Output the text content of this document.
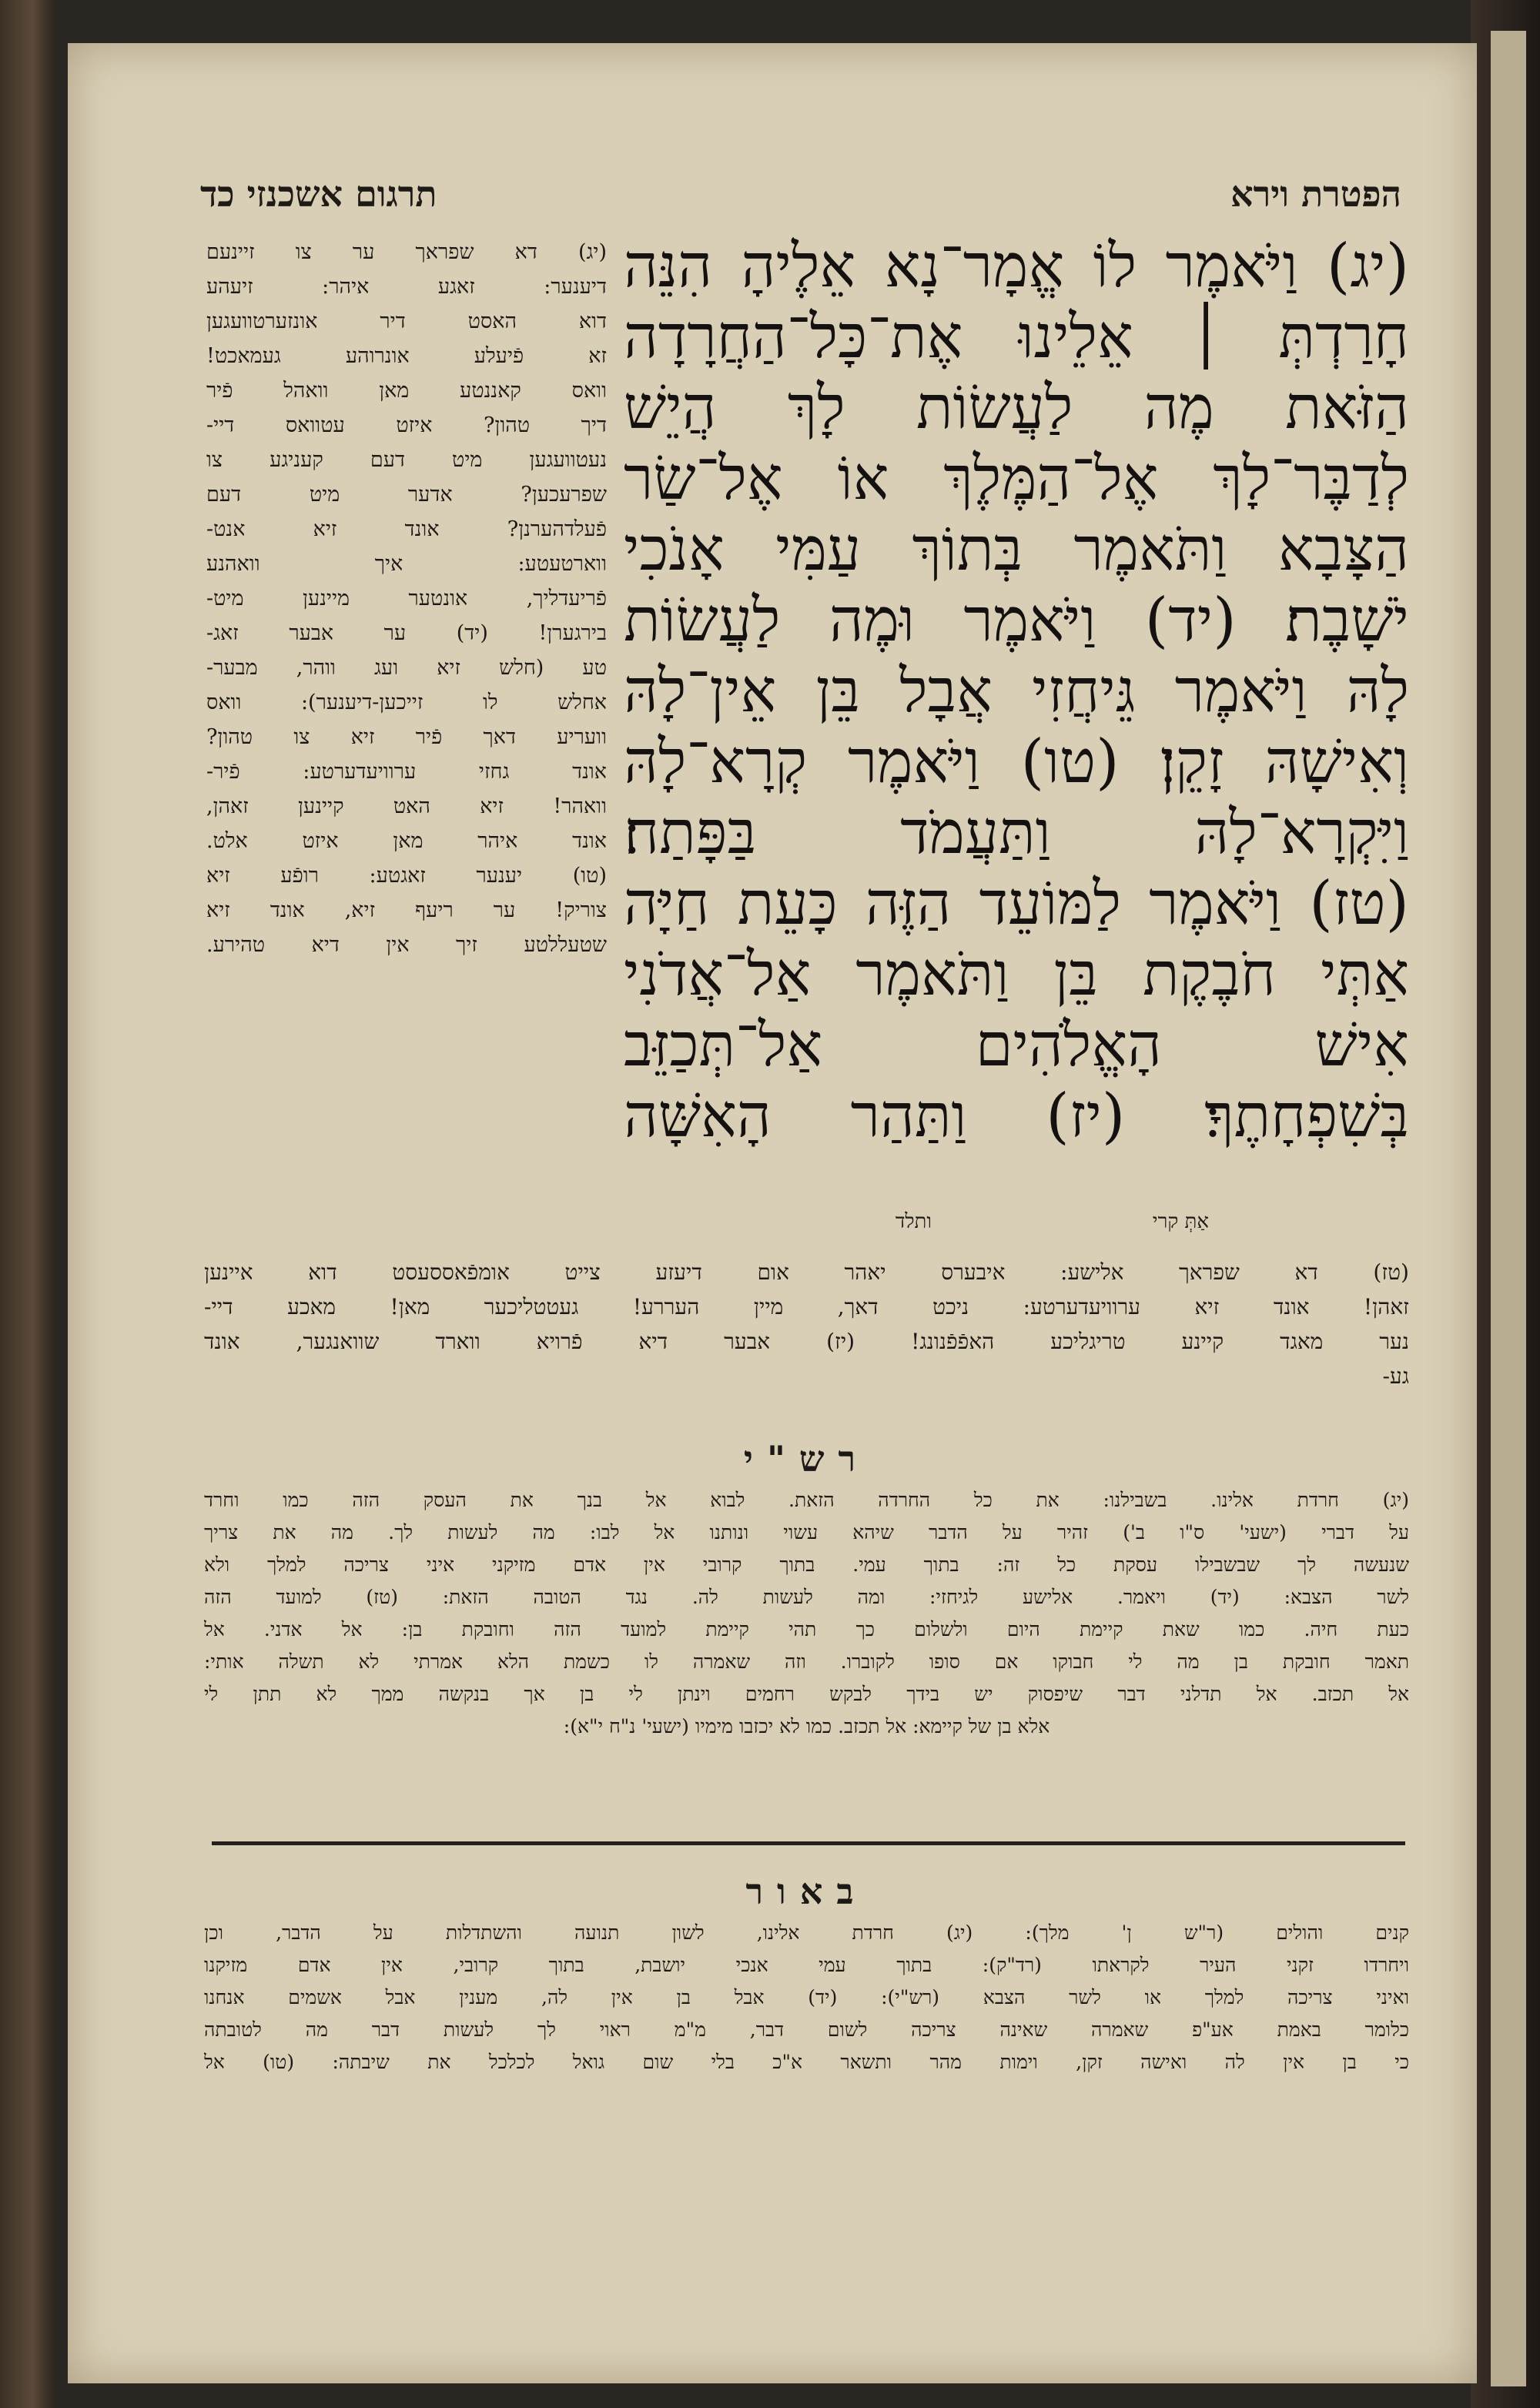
תרגום אשכנזי כד	הפטרת וירא
(יג) וַיֹּאמֶר לוֹ אֱמָר־נָא אֵלֶיהָ הִנֵּה
חָרַדְתְּ ׀ אֵלֵינוּ אֶת־כָּל־הַחֲרָדָה
הַזֹּאת מֶה לַעֲשׂוֹת לָךְ הֲיֵשׁ
לְדַבֶּר־לָךְ אֶל־הַמֶּלֶךְ אוֹ אֶל־שַׂר
הַצָּבָא וַתֹּאמֶר בְּתוֹךְ עַמִּי אָנֹכִי
יֹשָׁבֶת׃ (יד) וַיֹּאמֶר וּמֶה לַעֲשׂוֹת
לָהּ וַיֹּאמֶר גֵּיחֲזִי אֲבָל בֵּן אֵין־לָהּ
וְאִישָׁהּ זָקֵן׃ (טו) וַיֹּאמֶר קְרָא־לָהּ
וַיִּקְרָא־לָהּ וַתַּעֲמֹד בַּפָּתַח׃
(טז) וַיֹּאמֶר לַמּוֹעֵד הַזֶּה כָּעֵת חַיָּה
אַתְּי חֹבֶקֶת בֵּן וַתֹּאמֶר אַל־אֲדֹנִי
אִישׁ הָאֱלֹהִים אַל־תְּכַזֵּב
בְּשִׁפְחָתֶךָ׃ (יז) וַתַּהַר הָאִשָּׁה
אַתְּ קרי
ותלד
(יג) דא שפראך ער צו זיינעם
דיענער: זאגע איהר: זיעהע
דוא האסט דיר אונזערטוועגען
זא פֿיעלע אונרוהע געמאכט!
וואס קאננטע מאן וואהל פֿיר
דיך טהון? איזט עטוואס דיי-
נעטוועגען מיט דעם קעניגע צו
שפרעכען? אדער מיט דעם
פֿעלדהערנן? אונד זיא אנט-
ווארטעטע: איך וואהנע
פֿריעדליך, אונטער מיינען מיט-
בירגערן! (יד) ער אבער זאג-
טע (חלש זיא ועג ווהר, מבער-
אחלש לו זייכען-דיענער): וואס
וועריע דאך פֿיר זיא צו טהון?
אונד גחזי ערוויעדערטע: פֿיר-
וואהר! זיא האט קיינען זאהן,
אונד איהר מאן איזט אלט.
(טו) יענער זאגטע: רופֿע זיא
צוריק! ער ריעף זיא, אונד זיא
שטעללטע זיך אין דיא טהירע.
(טז) דא שפראך אלישע: איבערס יאהר אום דיעזע צייט אומפֿאססעסט דוא איינען
זאהן! אונד זיא ערוויעדערטע: ניכט דאך, מיין העררע! געטטליכער מאן! מאכע דיי-
נער מאגד קיינע טריגליכע האפֿפֿנונג! (יז) אבער דיא פֿרויא ווארד שוואנגער, אונד
גע-
רש"י
(יג) חרדת אלינו. בשבילנו: את כל החרדה הזאת. לבוא אל בנך את העסק הזה כמו וחרד
על דברי (ישעי' ס"ו ב') זהיר על הדבר שיהא עשוי ונותנו אל לבו: מה לעשות לך. מה את צריך
שנעשה לך שבשבילו עסקת כל זה: בתוך עמי. בתוך קרובי אין אדם מזיקני איני צריכה למלך ולא
לשר הצבא: (יד) ויאמר. אלישע לגיחזי: ומה לעשות לה. נגד הטובה הזאת: (טז) למועד הזה
כעת חיה. כמו שאת קיימת היום ולשלום כך תהי קיימת למועד הזה וחובקת בן: אל אדני. אל
תאמר חובקת בן מה לי חבוקו אם סופו לקוברו. וזה שאמרה לו כשמת הלא אמרתי לא תשלה אותי:
אל תכזב. אל תדלני דבר שיפסוק יש בידך לבקש רחמים וינתן לי בן אך בנקשה ממך לא תתן לי
אלא בן של קיימא: אל תכזב. כמו לא יכזבו מימיו (ישעי' נ"ח י"א):
באור
קנים והולים (ר"ש ן' מלך): (יג) חרדת אלינו, לשון תנועה והשתדלות על הדבר, וכן
ויחרדו זקני העיר לקראתו (רד"ק): בתוך עמי אנכי יושבת, בתוך קרובי, אין אדם מזיקנו
ואיני צריכה למלך או לשר הצבא (רש"י): (יד) אבל בן אין לה, מענין אבל אשמים אנחנו
כלומר באמת אע"פ שאמרה שאינה צריכה לשום דבר, מ"מ ראוי לך לעשות דבר מה לטובתה
כי בן אין לה ואישה זקן, וימות מהר ותשאר א"כ בלי שום גואל לכלכל את שיבתה: (טו) אל
